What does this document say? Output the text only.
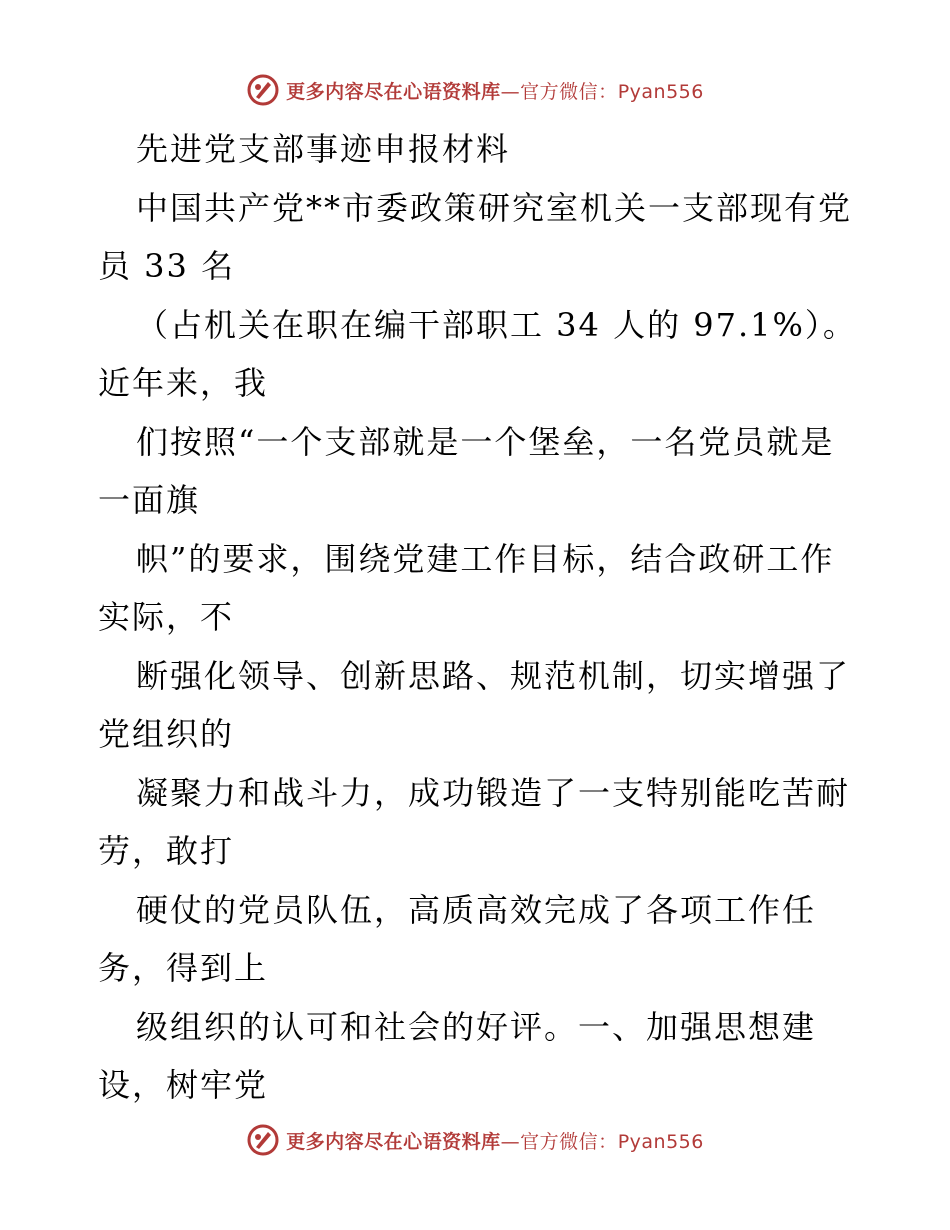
更多内容尽在心语资料库—官方微信：Pyan556
先进党支部事迹申报材料
中国共产党**市委政策研究室机关一支部现有党
员 33 名
（占机关在职在编干部职工 34 人的 97.1%）。
近年来，我
们按照“一个支部就是一个堡垒，一名党员就是
一面旗
帜”的要求，围绕党建工作目标，结合政研工作
实际，不
断强化领导、创新思路、规范机制，切实增强了
党组织的
凝聚力和战斗力，成功锻造了一支特别能吃苦耐
劳，敢打
硬仗的党员队伍，高质高效完成了各项工作任
务，得到上
级组织的认可和社会的好评。一、加强思想建
设，树牢党
更多内容尽在心语资料库—官方微信：Pyan556
